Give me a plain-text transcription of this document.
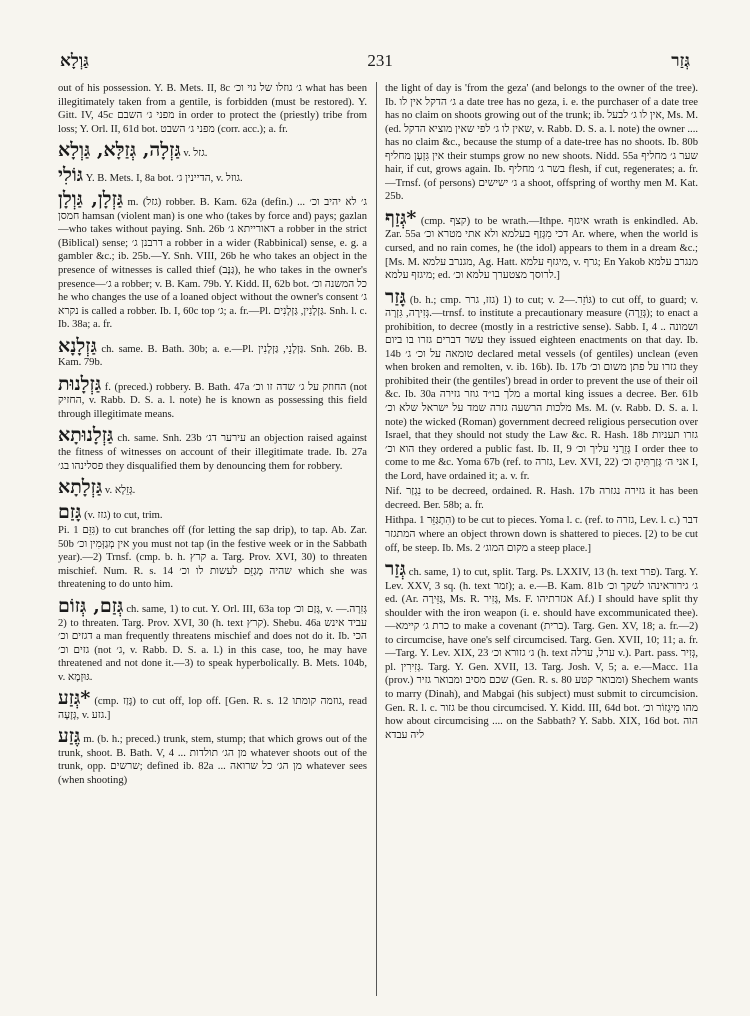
גַּוְלָא	231	גְּזַר

out of his possession. Y. B. Mets. II, 8c ג׳ גוזלו של גוי וכ׳ what has been illegitimately taken from a gentile, is forbidden (must be restored). Y. Gitt. IV, 45c מפני ג׳ השבם in order to protect the (priestly) tribe from loss; Y. Orl. II, 61d bot. מפני ג׳ השבט (corr. acc.); a. fr.

גַּזְלָה, גְּזַלָּא, גַּוְלָא v. גזל.

גּוֹלִי Y. B. Mets. I, 8a bot. הדיינין ג׳, v. גוזל.

גַּזְלָן, גַּוְלָן m. (גזל) robber. B. Kam. 62a (defin.) ... ג׳ לא יהיב וכ׳ חמסן hamsan (violent man) is one who (takes by force and) pays; gazlan—who takes without paying. Snh. 26b דאורייתא ג׳ a robber in the strict (Biblical) sense; דרבנן ג׳ a robber in a wider (Rabbinical) sense, e. g. a gambler &c.; ib. 25b.—Y. Snh. VIII, 26b he who takes an object in the presence of witnesses is called thief (גַּנָּב), he who takes in the owner's presence—ג׳ a robber; v. B. Kam. 79b. Y. Kidd. II, 62b bot. כל המשנה וכ׳ he who changes the use of a loaned object without the owner's consent ג׳ נקרא is called a robber. Ib. I, 60c top ג׳; a. fr.—Pl. גַּזְלָנִין, גַּזְלָנִים. Snh. l. c. Ib. 38a; a. fr.

גַּזְלָנָא ch. same. B. Bath. 30b; a. e.—Pl. גַּזְלָנֵי, גַּזְלָנִין. Snh. 26b. B. Kam. 79b.

גַּזְלָנוּת f. (preced.) robbery. B. Bath. 47a החוזק על ג׳ שדה זו וכ׳ (not החזיק, v. Rabb. D. S. a. l. note) he is known as possessing this field through illegitimate means.

גַּזְלָנוּתָא ch. same. Snh. 23b עירער דג׳ an objection raised against the fitness of witnesses on account of their illegitimate trade. Ib. 27a פסלינהו בג׳ they disqualified them by denouncing them for robbery.

גַּזְלָתָא v. גְּזֵלָא.

גָּזַם (v. גזז) to cut, trim.

Pi. גִּזֵּם 1) to cut branches off (for letting the sap drip), to tap. Ab. Zar. 50b אין מְגַזְּמִין וכ׳ you must not tap (in the festive week or in the Sabbath year).—2) Trnsf. (cmp. b. h. קרץ a. Targ. Prov. XVI, 30) to threaten mischief. Num. R. s. 14 שהיה מְגַזֵּם לעשות לו וכ׳ which she was threatening to do unto him.

גְּזַם, גְּזוֹם ch. same, 1) to cut. Y. Orl. III, 63a top גָּזַם וכ׳, v. גְּזִרָה.—2) to threaten. Targ. Prov. XVI, 30 (h. text קרץ). Shebu. 46a עביד אינש דגזים וכ׳ a man frequently threatens mischief and does not do it. Ib. הכי גזים וכ׳ (not ג׳, v. Rabb. D. S. a. l.) in this case, too, he may have threatened and not done it.—3) to speak hyperbolically. B. Mets. 104b, v. גּוּזְמָא.

*גְּזַע (cmp. גָּזַז) to cut off, lop off. [Gen. R. s. 12 גוזמה קומתו, read גְּזָעָה, v. גזע.]

גֶּזַע m. (b. h.; preced.) trunk, stem, stump; that which grows out of the trunk, shoot. B. Bath. V, 4 ... מן הג׳ תולדות whatever shoots out of the trunk, opp. שרשים; defined ib. 82a ... מן הג׳ כל שרואה whatever sees (when shooting)

the light of day is 'from the geza' (and belongs to the owner of the tree). Ib. ג׳ הדקל אין לו a date tree has no geza, i. e. the purchaser of a date tree has no claim on shoots growing out of the trunk; ib. אין לו ג׳ לבעל, Ms. M. (ed. שאין לו ג׳ לפי שאין מוציא הדקל, v. Rabb. D. S. a. l. note) the owner .... has no claim &c., because the stump of a date-tree has no shoots. Ib. 80b אין גִּזְעָן מחליף their stumps grow no new shoots. Nidd. 55a שער ג׳ מחליף hair, if cut, grows again. Ib. בשר ג׳ מחליף flesh, if cut, regenerates; a. fr.—Trnsf. (of persons) ג׳ ישישים a shoot, offspring of worthy men M. Kat. 25b.

*גְּזַף (cmp. קצף) to be wrath.—Ithpe. איגזף wrath is enkindled. Ab. Zar. 55a דכי מִגְּזַף בעלמא ולא אתי מטרא וכ׳ Ar. where, when the world is cursed, and no rain comes, he (the idol) appears to them in a dream &c.; [Ms. M. מגנרב עלמא, Ag. Hatt. מיגזף עלמא, v. גרף; En Yakob מנגרב עלמא מיגזף עלמא; ed. לרוסך מצטערך עלמא וכ׳.]

גָּזַר (b. h.; cmp. גזז, גרר) 1) to cut; v. גּוֹזֵר.—2) to cut off, to guard; v. גְּזִירָה, גִּזְרָה.—trnsf. to institute a precautionary measure (גְּזֵרָה); to enact a prohibition, to decree (mostly in a restrictive sense). Sabb. I, 4 .. ושמונה עשר דברים גזרו בו ביום they issued eighteen enactments on that day. Ib. 14b טומאה על וכ׳ ג׳ declared metal vessels (of gentiles) unclean (even when broken and remolten, v. ib. 16b). Ib. 17b גזרו על פתן משום וכ׳ they prohibited their (the gentiles') bread in order to prevent the use of their oil &c. Ib. 30a מלך בו״ד גוזר גזירה a mortal king issues a decree. Ber. 61b מלכות הרשעה גזרה שמד על ישראל שלא וכ׳ Ms. M. (v. Rabb. D. S. a. l. note) the wicked (Roman) government decreed religious persecution over Israel, that they should not study the Law &c. R. Hash. 18b גזרו תעניות הוא וכ׳ they ordered a public fast. Ib. II, 9 גְּזֵרַנִי עליך וכ׳ I order thee to come to me &c. Yoma 67b (ref. to גזרה, Lev. XVI, 22) אני ה׳ גְּזַרְתִּיהָ וכ׳ I, the Lord, have ordained it; a. v. fr.

Nif. נִגְזַר to be decreed, ordained. R. Hash. 17b גזירה נגזרה it has been decreed. Ber. 58b; a. fr.

Hithpa. הִתְגַּזֵּר 1) to be cut to pieces. Yoma l. c. (ref. to גזרה, Lev. l. c.) דבר המתגזר where an object thrown down is shattered to pieces. [2) to be cut off, be steep. Ib. Ms. 2 מקום המוג׳ a steep place.]

גְּזַר ch. same, 1) to cut, split. Targ. Ps. LXXIV, 13 (h. text פרר). Targ. Y. Lev. XXV, 3 sq. (h. text זמר); a. e.—B. Kam. 81b ג׳ גירוראינהו לשקך וכ׳ ed. (Ar. גַּזֵּירָה, Ms. R. גָּזִיר, Ms. F. אגזרתיהו Af.) I should have split thy shoulder with the iron weapon (i. e. should have excommunicated thee).—כרת ג׳ קיימא to make a covenant (ברית). Targ. Gen. XV, 18; a. fr.—2) to circumcise, have one's self circumcised. Targ. Gen. XVII, 10; 11; a. fr.—Targ. Y. Lev. XIX, 23 ג׳ גזורא וכ׳ (h. text ערל, ערלה v.). Part. pass. גְּזִיר, pl. גְּזִירִין. Targ. Y. Gen. XVII, 13. Targ. Josh. V, 5; a. e.—Macc. 11a (prov.) שכם מסיב ומבואר גזיר (Gen. R. s. 80 ומבואר קטע) Shechem wants to marry (Dinah), and Mabgai (his subject) must submit to circumcision. Gen. R. l. c. גזור be thou circumcised. Y. Kidd. III, 64d bot. מהו מִיגְזוֹר וכ׳ how about circumcising .... on the Sabbath? Y. Sabb. XIX, 16d bot. הוה ליה עבדא
